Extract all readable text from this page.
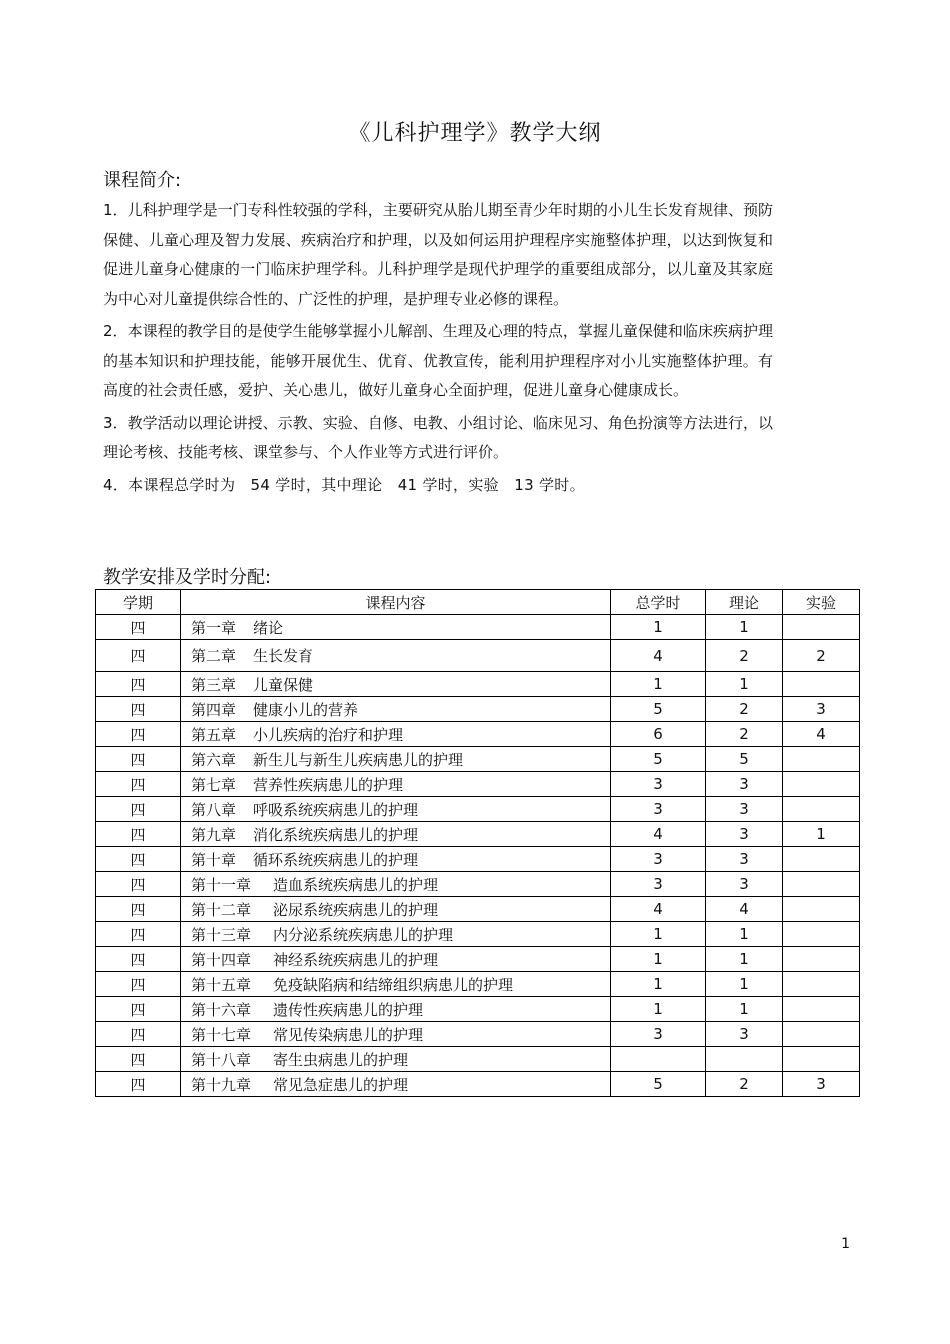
《儿科护理学》教学大纲
课程简介:

1．儿科护理学是一门专科性较强的学科，主要研究从胎儿期至青少年时期的小儿生长发育规律、预防保健、儿童心理及智力发展、疾病治疗和护理，以及如何运用护理程序实施整体护理，以达到恢复和促进儿童身心健康的一门临床护理学科。儿科护理学是现代护理学的重要组成部分，以儿童及其家庭为中心对儿童提供综合性的、广泛性的护理，是护理专业必修的课程。

2．本课程的教学目的是使学生能够掌握小儿解剖、生理及心理的特点，掌握儿童保健和临床疾病护理的基本知识和护理技能，能够开展优生、优育、优教宣传，能利用护理程序对小儿实施整体护理。有高度的社会责任感，爱护、关心患儿，做好儿童身心全面护理，促进儿童身心健康成长。

3．教学活动以理论讲授、示教、实验、自修、电教、小组讨论、临床见习、角色扮演等方法进行，以理论考核、技能考核、课堂参与、个人作业等方式进行评价。

4．本课程总学时为　54 学时，其中理论　41 学时，实验　13 学时。

教学安排及学时分配:
学期	课程内容	总学时	理论	实验
四	第一章 绪论	1	1	
四	第二章 生长发育	4	2	2
四	第三章 儿童保健	1	1	
四	第四章 健康小儿的营养	5	2	3
四	第五章 小儿疾病的治疗和护理	6	2	4
四	第六章 新生儿与新生儿疾病患儿的护理	5	5	
四	第七章 营养性疾病患儿的护理	3	3	
四	第八章 呼吸系统疾病患儿的护理	3	3	
四	第九章 消化系统疾病患儿的护理	4	3	1
四	第十章 循环系统疾病患儿的护理	3	3	
四	第十一章 造血系统疾病患儿的护理	3	3	
四	第十二章 泌尿系统疾病患儿的护理	4	4	
四	第十三章 内分泌系统疾病患儿的护理	1	1	
四	第十四章 神经系统疾病患儿的护理	1	1	
四	第十五章 免疫缺陷病和结缔组织病患儿的护理	1	1	
四	第十六章 遗传性疾病患儿的护理	1	1	
四	第十七章 常见传染病患儿的护理	3	3	
四	第十八章 寄生虫病患儿的护理			
四	第十九章 常见急症患儿的护理	5	2	3
1
